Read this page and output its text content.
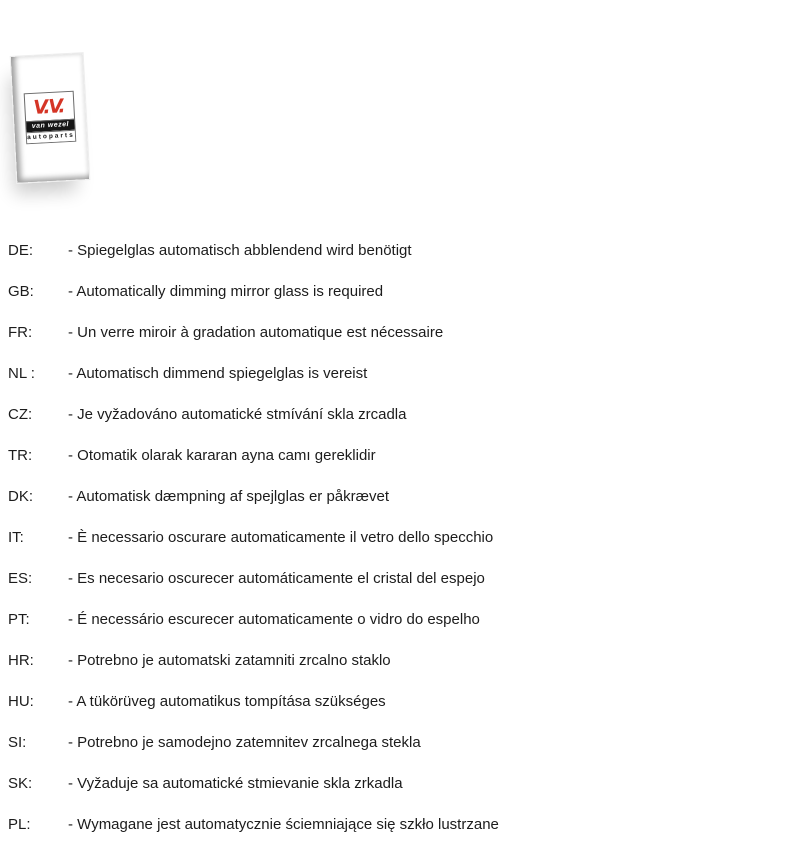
V.V.
van wezel
autoparts
DE: - Spiegelglas automatisch abblendend wird benötigt
GB: - Automatically dimming mirror glass is required
FR: - Un verre miroir à gradation automatique est nécessaire
NL : - Automatisch dimmend spiegelglas is vereist
CZ: - Je vyžadováno automatické stmívání skla zrcadla
TR: - Otomatik olarak kararan ayna camı gereklidir
DK: - Automatisk dæmpning af spejlglas er påkrævet
IT:	- È necessario oscurare automaticamente il vetro dello specchio
ES: - Es necesario oscurecer automáticamente el cristal del espejo
PT:	- É necessário escurecer automaticamente o vidro do espelho
HR: - Potrebno je automatski zatamniti zrcalno staklo
HU: - A tükörüveg automatikus tompítása szükséges
SI:	- Potrebno je samodejno zatemnitev zrcalnega stekla
SK: - Vyžaduje sa automatické stmievanie skla zrkadla
PL: - Wymagane jest automatycznie ściemniające się szkło lustrzane
